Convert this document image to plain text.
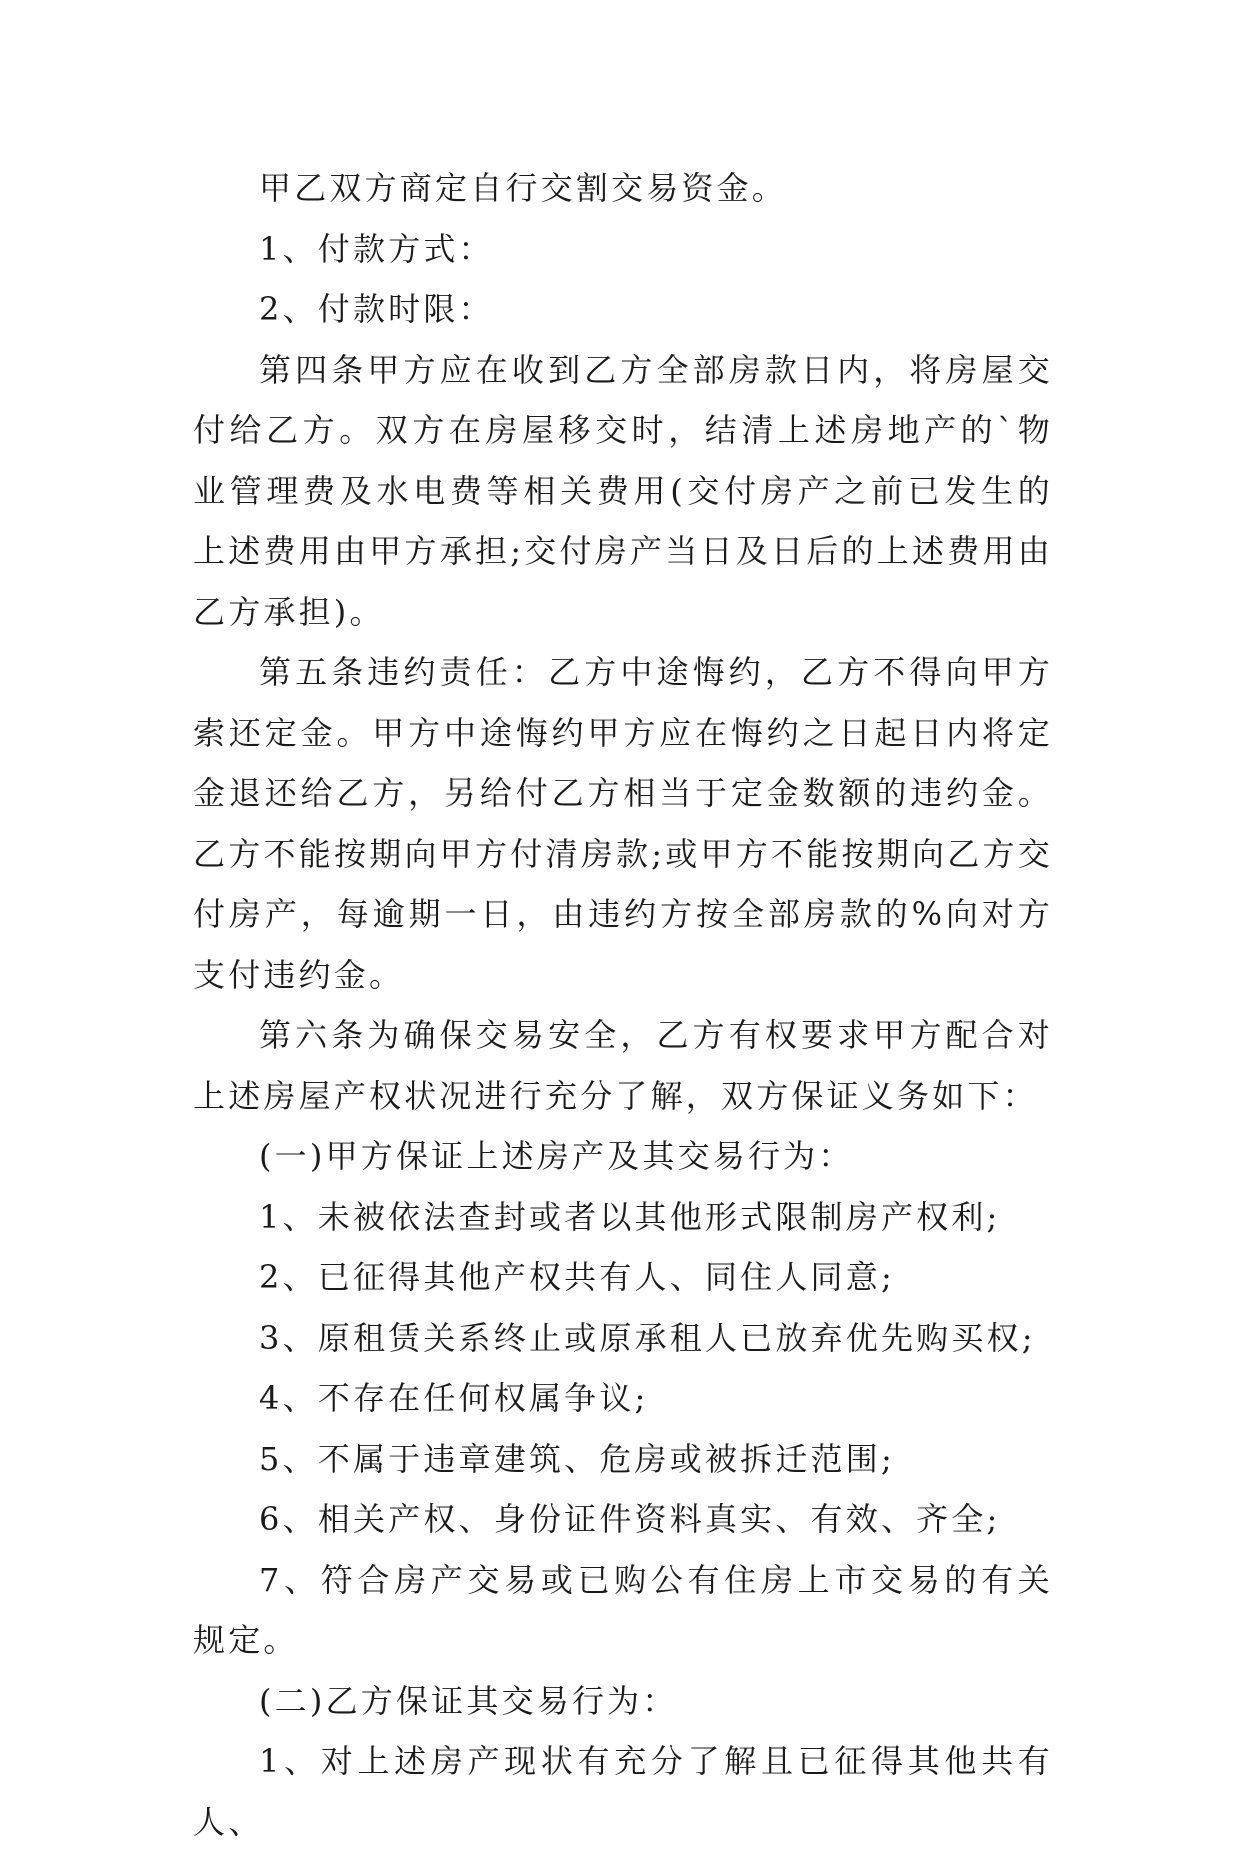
甲乙双方商定自行交割交易资金。

1、付款方式：

2、付款时限：

第四条甲方应在收到乙方全部房款日内，将房屋交付给乙方。双方在房屋移交时，结清上述房地产的`物业管理费及水电费等相关费用(交付房产之前已发生的上述费用由甲方承担;交付房产当日及日后的上述费用由乙方承担)。

第五条违约责任：乙方中途悔约，乙方不得向甲方索还定金。甲方中途悔约甲方应在悔约之日起日内将定金退还给乙方，另给付乙方相当于定金数额的违约金。乙方不能按期向甲方付清房款;或甲方不能按期向乙方交付房产，每逾期一日，由违约方按全部房款的%向对方支付违约金。

第六条为确保交易安全，乙方有权要求甲方配合对上述房屋产权状况进行充分了解，双方保证义务如下：

(一)甲方保证上述房产及其交易行为：

1、未被依法查封或者以其他形式限制房产权利;

2、已征得其他产权共有人、同住人同意;

3、原租赁关系终止或原承租人已放弃优先购买权;

4、不存在任何权属争议;

5、不属于违章建筑、危房或被拆迁范围;

6、相关产权、身份证件资料真实、有效、齐全;

7、符合房产交易或已购公有住房上市交易的有关规定。

(二)乙方保证其交易行为：

1、对上述房产现状有充分了解且已征得其他共有人、
